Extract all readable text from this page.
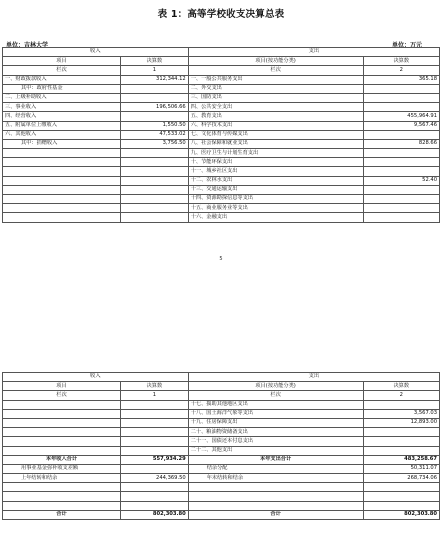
表 1：高等学校收支决算总表
单位：吉林大学	单位：万元
收入		支出	
项目	决算数	项目(按功能分类)	决算数
栏次	1	栏次	2
一、财政拨款收入	312,344.12	一、一般公共服务支出	365.18
其中：政府性基金		二、外交支出	
二、上级补助收入		三、国防支出	
三、事业收入	196,506.66	四、公共安全支出	
四、经营收入		五、教育支出	455,964.91
五、附属单位上缴收入	1,550.50	六、科学技术支出	9,567.46
六、其他收入	47,533.02	七、文化体育与传媒支出	
其中：捐赠收入	3,756.50	八、社会保障和就业支出	828.66
		九、医疗卫生与计划生育支出	
		十、节能环保支出	
		十一、城乡社区支出	
		十二、农林水支出	52.40
		十三、交通运输支出	
		十四、资源勘探信息等支出	
		十五、商业服务业等支出	
		十六、金融支出	
5
收入		支出	
项目	决算数	项目(按功能分类)	决算数
栏次	1	栏次	2
		十七、援助其他地区支出	
		十八、国土海洋气象等支出	3,567.03
		十九、住房保障支出	12,893.00
		二十、粮油物资储备支出	
		二十一、国债还本付息支出	
		二十二、其他支出	
本年收入合计	557,934.29	本年支出合计	483,258.67
用事业基金弥补收支差额		结余分配	50,311.07
上年结转和结余	244,369.50	年末结转和结余	268,734.06

合计	802,303.80	合计	802,303.80
